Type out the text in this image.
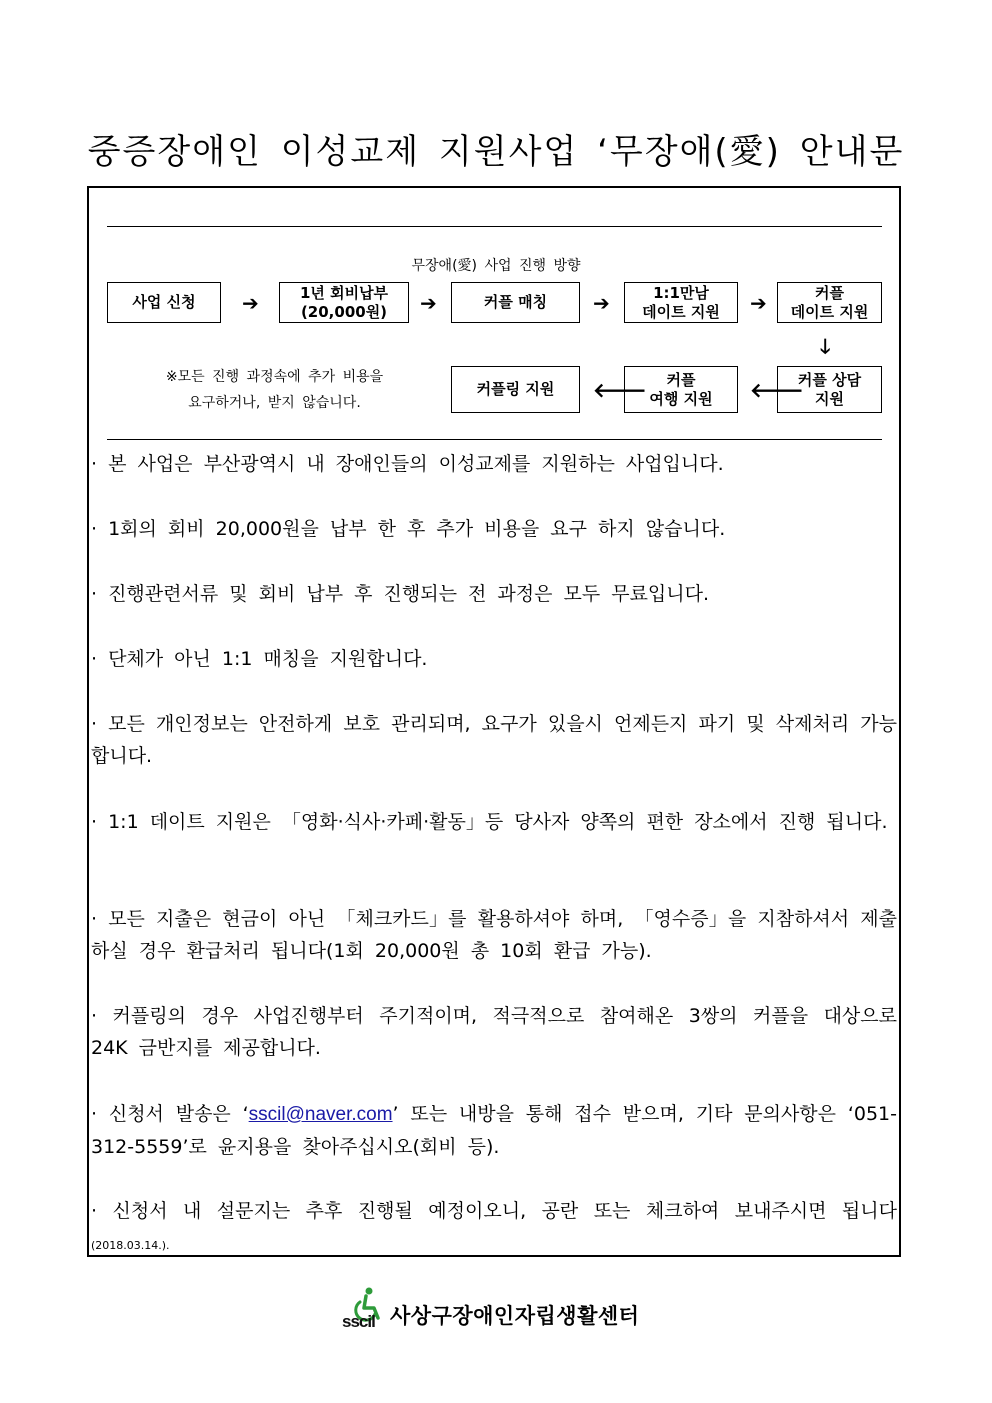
중증장애인 이성교제 지원사업 ‘무장애(愛) 안내문
무장애(愛) 사업 진행 방향
사업 신청	➔	1년 회비납부
(20,000원)	➔	커플 매칭	➔	1:1만남
데이트 지원	➔	커플
데이트 지원
🡓
※모든 진행 과정속에 추가 비용을
요구하거나, 받지 않습니다.
커플링 지원	🡐	커플
여행 지원	🡐
커플 상담
지원
· 본 사업은 부산광역시 내 장애인들의 이성교제를 지원하는 사업입니다.
· 1회의 회비 20,000원을 납부 한 후 추가 비용을 요구 하지 않습니다.
· 진행관련서류 및 회비 납부 후 진행되는 전 과정은 모두 무료입니다.
· 단체가 아닌 1:1 매칭을 지원합니다.
· 모든 개인정보는 안전하게 보호 관리되며, 요구가 있을시 언제든지 파기 및 삭제처리 가능합니다.
· 1:1 데이트 지원은 「영화·식사·카페·활동」등 당사자 양쪽의 편한 장소에서 진행 됩니다.
· 모든 지출은 현금이 아닌 「체크카드」를 활용하셔야 하며, 「영수증」을 지참하셔서 제출하실 경우 환급처리 됩니다(1회 20,000원 총 10회 환급 가능).
· 커플링의 경우 사업진행부터 주기적이며, 적극적으로 참여해온 3쌍의 커플을 대상으로 24K 금반지를 제공합니다.
· 신청서 발송은 ‘sscil@naver.com’ 또는 내방을 통해 접수 받으며, 기타 문의사항은 ‘051-312-5559’로 윤지용을 찾아주십시오(회비 등).
· 신청서 내 설문지는 추후 진행될 예정이오니, 공란 또는 체크하여 보내주시면 됩니다(2018.03.14.).
sscil 사상구장애인자립생활센터
